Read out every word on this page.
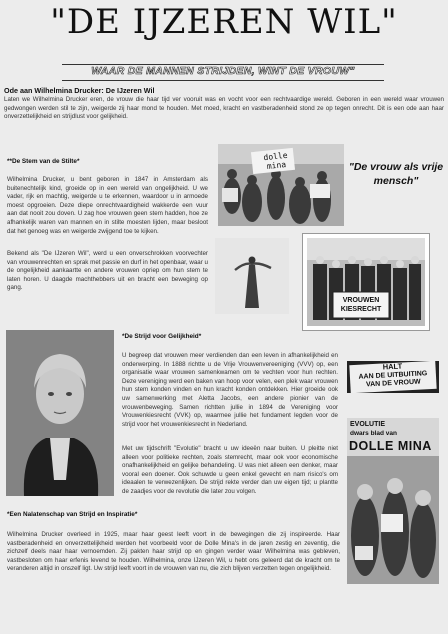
"DE IJZEREN WIL"
WAAR DE MANNEN STRIJDEN, WINT DE VROUW"
Ode aan Wilhelmina Drucker: De IJzeren Wil
Laten we Wilhelmina Drucker eren, de vrouw die haar tijd ver vooruit was en vocht voor een rechtvaardige wereld. Geboren in een wereld waar vrouwen gedwongen werden stil te zijn, weigerde zij haar mond te houden. Met moed, kracht en vastberadenheid stond ze op tegen onrecht. Dit is een ode aan haar onverzettelijkheid en strijdlust voor gelijkheid.
**De Stem van de Stilte*
Wilhelmina Drucker, u bent geboren in 1847 in Amsterdam als buitenechtelijk kind, groeide op in een wereld van ongelijkheid. U we vader, rijk en machtig, weigerde u te erkennen, waardoor u in armoede moest opgroeien. Deze diepe onrechtvaardigheid wakkerde een vuur aan dat nooit zou doven. U zag hoe vrouwen geen stem hadden, hoe ze afhankelijk waren van mannen en in stilte moesten lijden, maar besloot dat het genoeg was en weigerde zwijgend toe te kijken.
Bekend als "De IJzeren Wil", werd u een onverschrokken voorvechter van vrouwenrechten en sprak met passie en durf in het openbaar, waar u de ongelijkheid aankaartte en andere vrouwen opriep om hun stem te laten horen. U daagde machthebbers uit en bracht een beweging op gang.
dolle mina	"De vrouw als vrije mensch"
VROUWEN KIESRECHT
*De Strijd voor Gelijkheid*
U begreep dat vrouwen meer verdienden dan een leven in afhankelijkheid en onderwerping. In 1888 richtte u de Vrije Vrouwenvereeniging (VVV) op, een organisatie waar vrouwen samenkwamen om te vechten voor hun rechten. Deze vereniging werd een baken van hoop voor velen, een plek waar vrouwen hun stem konden vinden en hun kracht konden ontdekken. Hier groeide ook uw samenwerking met Aletta Jacobs, een andere pionier van de vrouwenbeweging. Samen richtten jullie in 1894 de Vereniging voor Vrouwenkiesrecht (VVK) op, waarmee jullie het fundament legden voor de strijd voor het vrouwenkiesrecht in Nederland.
Met uw tijdschrift "Evolutie" bracht u uw ideeën naar buiten. U pleitte niet alleen voor politieke rechten, zoals stemrecht, maar ook voor economische onafhankelijkheid en gelijke behandeling. U was niet alleen een denker, maar vooral een doener. Ook schuwde u geen enkel gevecht en nam risico's om ideaalen te verwezenlijken. De strijd rekte verder dan uw eigen tijd; u plantte de zaadjes voor de revolutie die later zou volgen.
HALT
AAN DE UITBUITING
VAN DE VROUW
EVOLUTIE
dwars blad van
DOLLE MINA
*Een Nalatenschap van Strijd en Inspiratie*
Wilhelmina Drucker overleed in 1925, maar haar geest leeft voort in de bewegingen die zij inspireerde. Haar vastberadenheid en onverzettelijkheid werden het voorbeeld voor de Dolle Mina's in de jaren zestig en zeventig, die zichzelf deels naar haar vernoemden. Zij pakten haar strijd op en gingen verder waar Wilhelmina was gebleven, vastbesloten om haar erfenis levend te houden. Wilhelmina, onze IJzeren Wil, u hebt ons geleerd dat de kracht om te veranderen altijd in onszelf ligt. Uw strijd leeft voort in de vrouwen van nu, die zich blijven verzetten tegen ongelijkheid.
